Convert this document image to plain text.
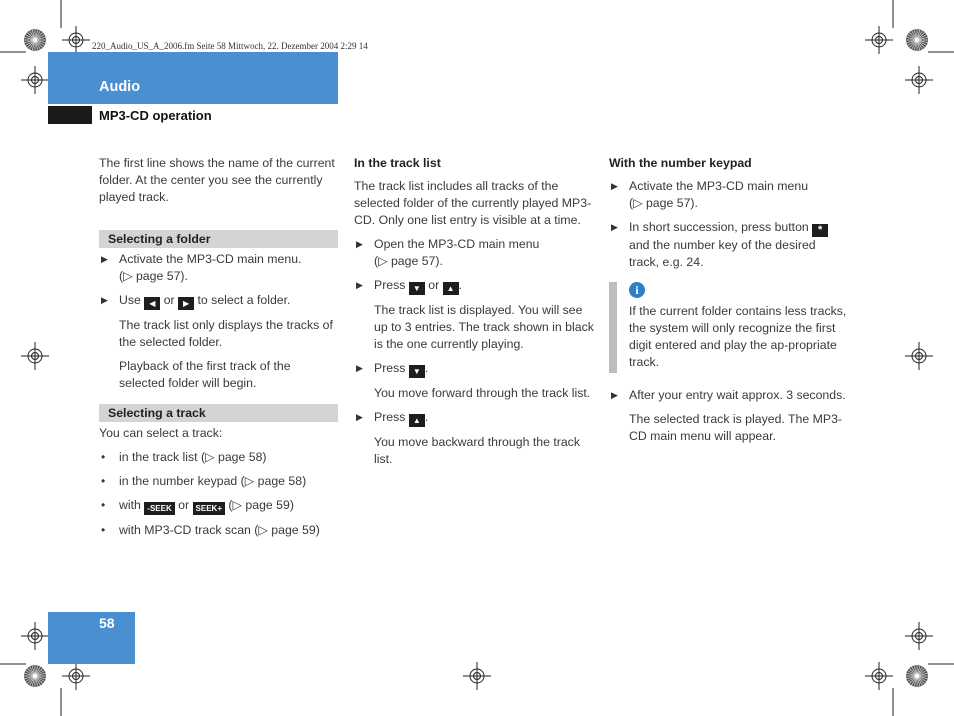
220_Audio_US_A_2006.fm Seite 58 Mittwoch, 22. Dezember 2004 2:29 14
Audio
MP3-CD operation

The first line shows the name of the current folder. At the center you see the currently played track.

Selecting a folder
▶ Activate the MP3-CD main menu.
(▷ page 57).
▶ Use ◀ or ▶ to select a folder.

The track list only displays the tracks of the selected folder.

Playback of the first track of the selected folder will begin.

Selecting a track

You can select a track:

• in the track list (▷ page 58)
• in the number keypad (▷ page 58)
• with -SEEK or SEEK+ (▷ page 59)
• with MP3-CD track scan (▷ page 59)

In the track list

The track list includes all tracks of the selected folder of the currently played MP3-CD. Only one list entry is visible at a time.

▶ Open the MP3-CD main menu
(▷ page 57).
▶ Press ▼ or ▲ .

The track list is displayed. You will see up to 3 entries. The track shown in black is the one currently playing.

▶ Press ▼ .

You move forward through the track list.

▶ Press ▲ .

You move backward through the track list.

With the number keypad

▶ Activate the MP3-CD main menu
(▷ page 57).
▶ In short succession, press button * and the number key of the desired track, e.g. 24.
i

If the current folder contains less tracks, the system will only recognize the first digit entered and play the ap-propriate track.

▶ After your entry wait approx. 3 seconds.

The selected track is played. The MP3-CD main menu will appear.

58
